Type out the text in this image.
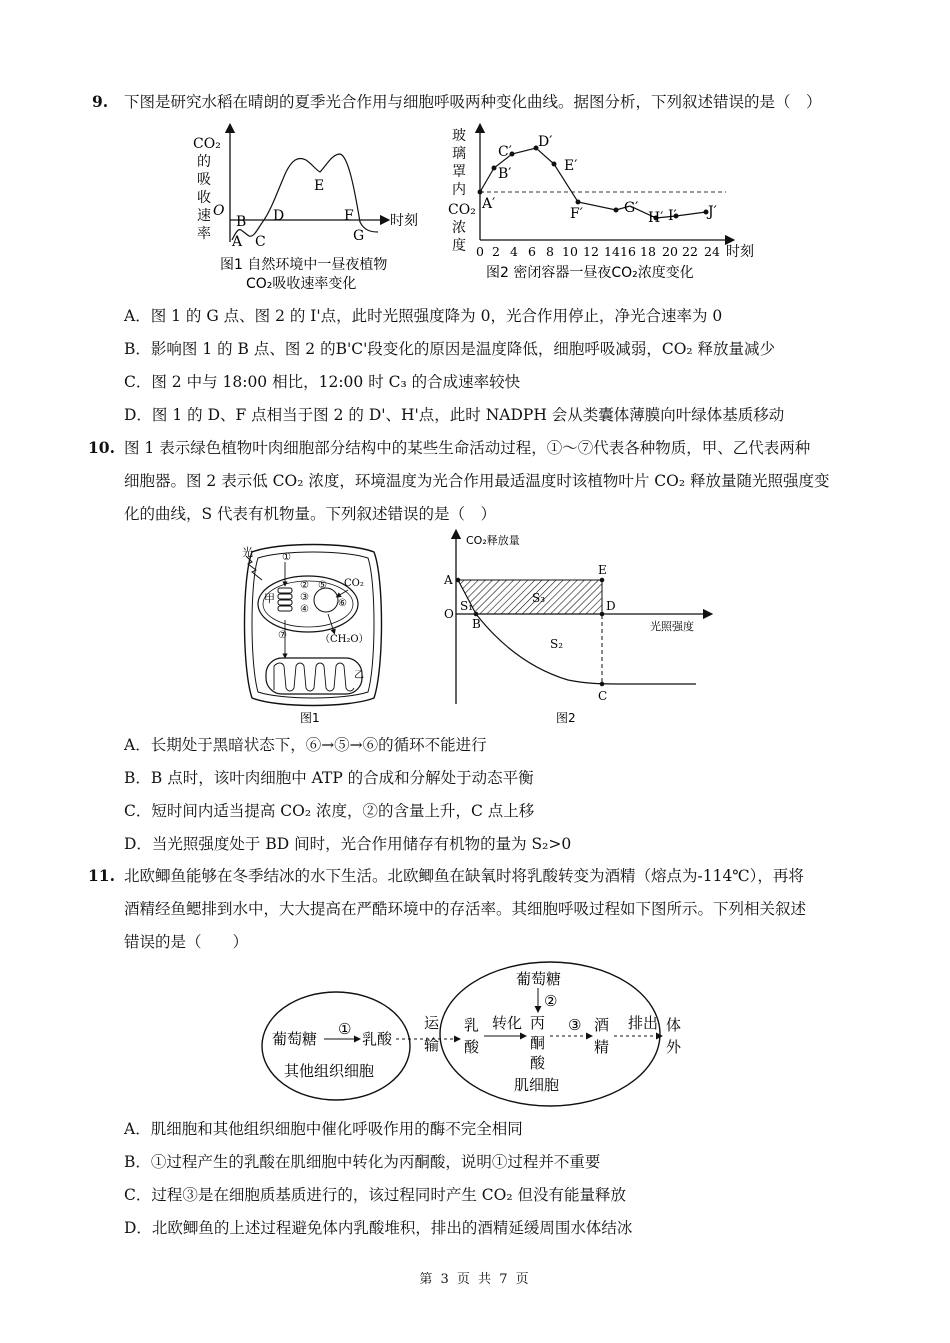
9. 下图是研究水稻在晴朗的夏季光合作用与细胞呼吸两种变化曲线。据图分析，下列叙述错误的是（　）
CO₂
的
吸
收
速
率
O
时刻
A
B
C
D
E
F
G
图1 自然环境中一昼夜植物
CO₂吸收速率变化
玻
璃
罩
内
CO₂
浓
度
A′
B′
C′
D′
E′
F′	G′
H′ I′ J′
0 2 4 6 8 10 12 14 16 18 20 22 24 时刻
图2 密闭容器一昼夜CO₂浓度变化
A．图 1 的 G 点、图 2 的 I'点，此时光照强度降为 0，光合作用停止，净光合速率为 0
B．影响图 1 的 B 点、图 2 的B'C'段变化的原因是温度降低，细胞呼吸减弱，CO₂ 释放量减少
C．图 2 中与 18:00 相比，12:00 时 C₃ 的合成速率较快
D．图 1 的 D、F 点相当于图 2 的 D'、H'点，此时 NADPH 会从类囊体薄膜向叶绿体基质移动
10. 图 1 表示绿色植物叶肉细胞部分结构中的某些生命活动过程，①～⑦代表各种物质，甲、乙代表两种
细胞器。图 2 表示低 CO₂ 浓度，环境温度为光合作用最适温度时该植物叶片 CO₂ 释放量随光照强度变
化的曲线，S 代表有机物量。下列叙述错误的是（　）
光
甲
①
②
③
④
⑤
⑥
⑦
CO₂
（CH₂O）
乙
图1
CO₂释放量
光照强度
A
E
O
S₁
S₃
B
D
S₂
C
图2
A．长期处于黑暗状态下，⑥→⑤→⑥的循环不能进行
B．B 点时，该叶肉细胞中 ATP 的合成和分解处于动态平衡
C．短时间内适当提高 CO₂ 浓度，②的含量上升，C 点上移
D．当光照强度处于 BD 间时，光合作用储存有机物的量为 S₂>0
11. 北欧鲫鱼能够在冬季结冰的水下生活。北欧鲫鱼在缺氧时将乳酸转变为酒精（熔点为-114℃），再将
酒精经鱼鳃排到水中，大大提高在严酷环境中的存活率。其细胞呼吸过程如下图所示。下列相关叙述
错误的是（　　）
葡萄糖
①
乳酸
其他组织细胞
运
输
乳
酸
转化 丙
酮
酸
葡萄糖
②
③ 酒
精
排出 体
外
肌细胞
A．肌细胞和其他组织细胞中催化呼吸作用的酶不完全相同
B．①过程产生的乳酸在肌细胞中转化为丙酮酸，说明①过程并不重要
C．过程③是在细胞质基质进行的，该过程同时产生 CO₂ 但没有能量释放
D．北欧鲫鱼的上述过程避免体内乳酸堆积，排出的酒精延缓周围水体结冰
第 3 页 共 7 页
